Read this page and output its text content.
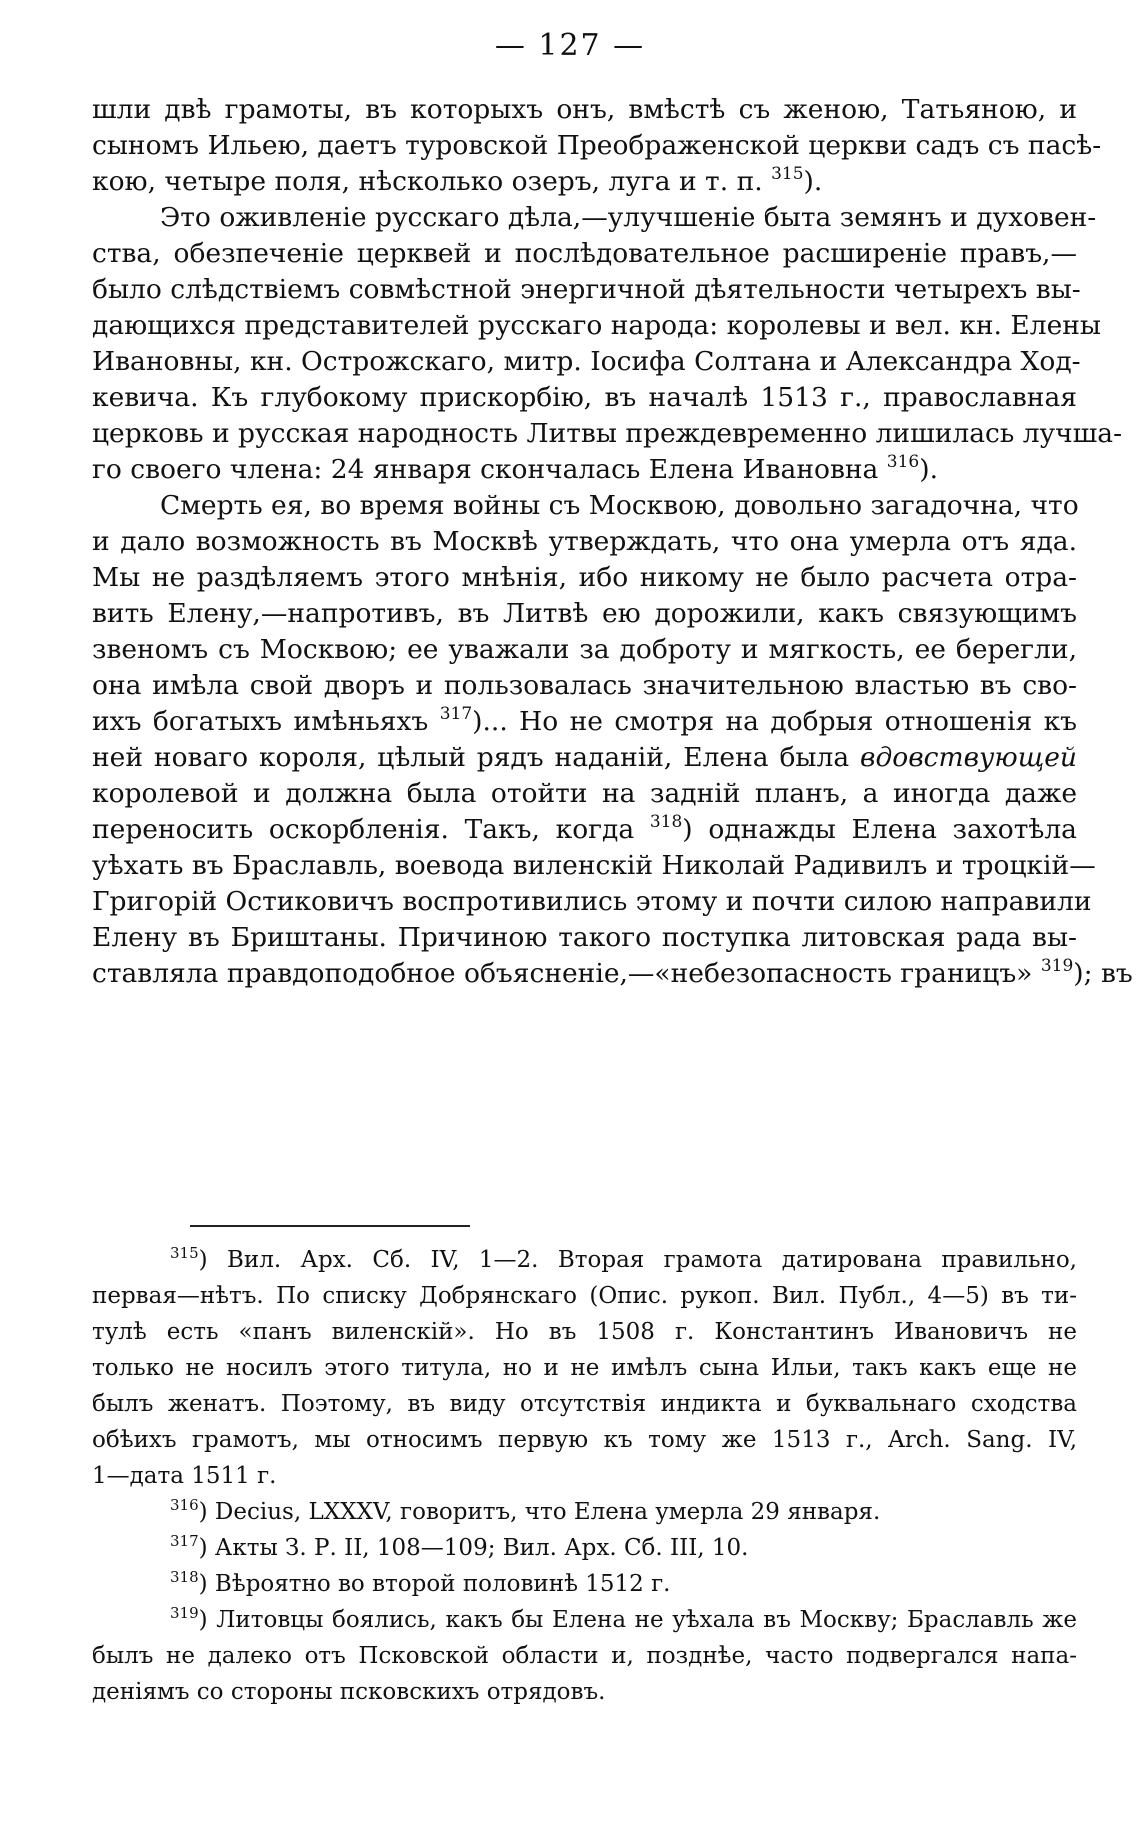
— 127 —
шли двѣ грамоты, въ которыхъ онъ, вмѣстѣ съ женою, Татьяною, и
сыномъ Ильею, даетъ туровской Преображенской церкви садъ съ пасѣ-
кою, четыре поля, нѣсколько озеръ, луга и т. п. $^{315}$).
Это оживленіе русскаго дѣла,—улучшеніе быта земянъ и духовен-
ства, обезпеченіе церквей и послѣдовательное расширеніе правъ,—
было слѣдствіемъ совмѣстной энергичной дѣятельности четырехъ вы-
дающихся представителей русскаго народа: королевы и вел. кн. Елены
Ивановны, кн. Острожскаго, митр. Іосифа Солтана и Александра Ход-
кевича. Къ глубокому прискорбію, въ началѣ 1513 г., православная
церковь и русская народность Литвы преждевременно лишилась лучша-
го своего члена: 24 января скончалась Елена Ивановна $^{316}$).
Смерть ея, во время войны съ Москвою, довольно загадочна, что
и дало возможность въ Москвѣ утверждать, что она умерла отъ яда.
Мы не раздѣляемъ этого мнѣнія, ибо никому не было расчета отра-
вить Елену,—напротивъ, въ Литвѣ ею дорожили, какъ связующимъ
звеномъ съ Москвою; ее уважали за доброту и мягкость, ее берегли,
она имѣла свой дворъ и пользовалась значительною властью въ сво-
ихъ богатыхъ имѣньяхъ $^{317}$)... Но не смотря на добрыя отношенія къ
ней новаго короля, цѣлый рядъ наданій, Елена была вдовствующей
королевой и должна была отойти на задній планъ, а иногда даже
переносить оскорбленія. Такъ, когда $^{318}$) однажды Елена захотѣла
уѣхать въ Браславль, воевода виленскій Николай Радивилъ и троцкій—
Григорій Остиковичъ воспротивились этому и почти силою направили
Елену въ Бриштаны. Причиною такого поступка литовская рада вы-
ставляла правдоподобное объясненіе,—«небезопасность границъ» $^{319}$); въ
$^{315}$) Вил. Арх. Сб. IV, 1—2. Вторая грамота датирована правильно,
первая—нѣтъ. По списку Добрянскаго (Опис. рукоп. Вил. Публ., 4—5) въ ти-
тулѣ есть «панъ виленскій». Но въ 1508 г. Константинъ Ивановичъ не
только не носилъ этого титула, но и не имѣлъ сына Ильи, такъ какъ еще не
былъ женатъ. Поэтому, въ виду отсутствія индикта и буквальнаго сходства
обѣихъ грамотъ, мы относимъ первую къ тому же 1513 г., Arch. Sang. IV,
1—дата 1511 г.
$^{316}$) Decius, LXXXV, говоритъ, что Елена умерла 29 января.
$^{317}$) Акты З. Р. II, 108—109; Вил. Арх. Сб. III, 10.
$^{318}$) Вѣроятно во второй половинѣ 1512 г.
$^{319}$) Литовцы боялись, какъ бы Елена не уѣхала въ Москву; Браславль же
былъ не далеко отъ Псковской области и, позднѣе, часто подвергался напа-
деніямъ со стороны псковскихъ отрядовъ.
